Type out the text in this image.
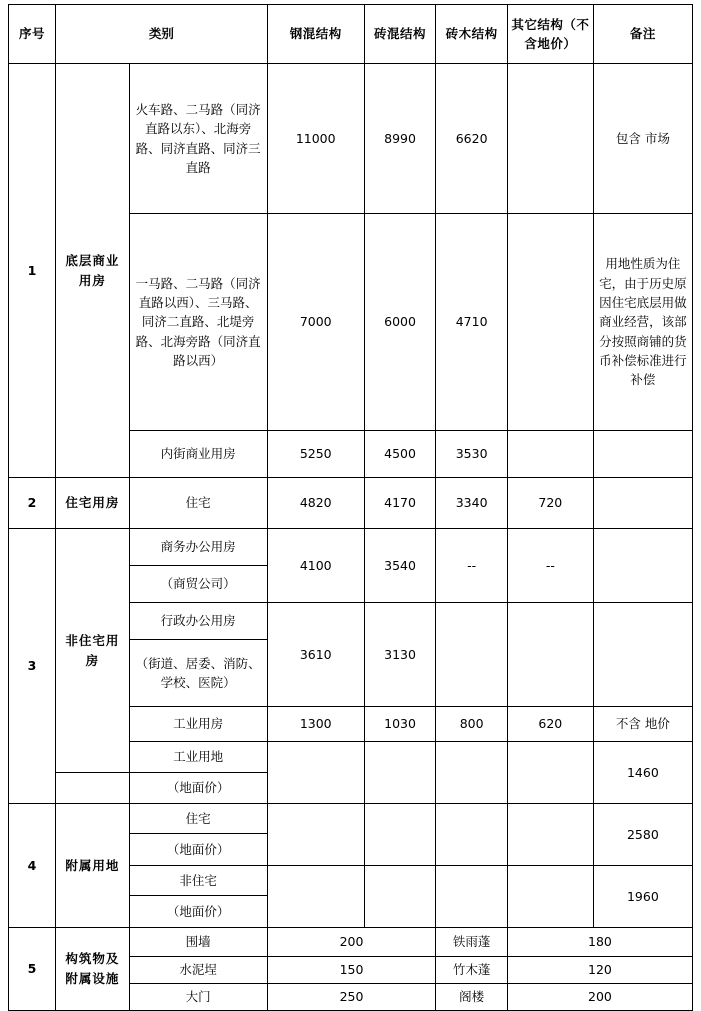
序号	类别		钢混结构	砖混结构	砖木结构	其它结构（不含地价）	备注
1	底层商业用房	火车路、二马路（同济直路以东）、北海旁路、同济直路、同济三直路	11000	8990	6620		包含 市场
		一马路、二马路（同济直路以西）、三马路、同济二直路、北堤旁路、北海旁路（同济直路以西）	7000	6000	4710		用地性质为住宅，由于历史原因住宅底层用做商业经营，该部分按照商铺的货币补偿标准进行补偿
		内街商业用房	5250	4500	3530		
2	住宅用房	住宅	4820	4170	3340	720	
3	非住宅用房	商务办公用房	4100	3540	--	--	
		（商贸公司）					
		行政办公用房	3610	3130			
		（街道、居委、消防、学校、医院）					
		工业用房	1300	1030	800	620	不含 地价
		工业用地					1460
		（地面价）					

4	附属用地	住宅					2580
		（地面价）					
		非住宅					1960
		（地面价）					
5	构筑物及附属设施	围墙	200		铁雨蓬	180	
		水泥埕	150		竹木蓬	120	
		大门	250		阁楼	200	
